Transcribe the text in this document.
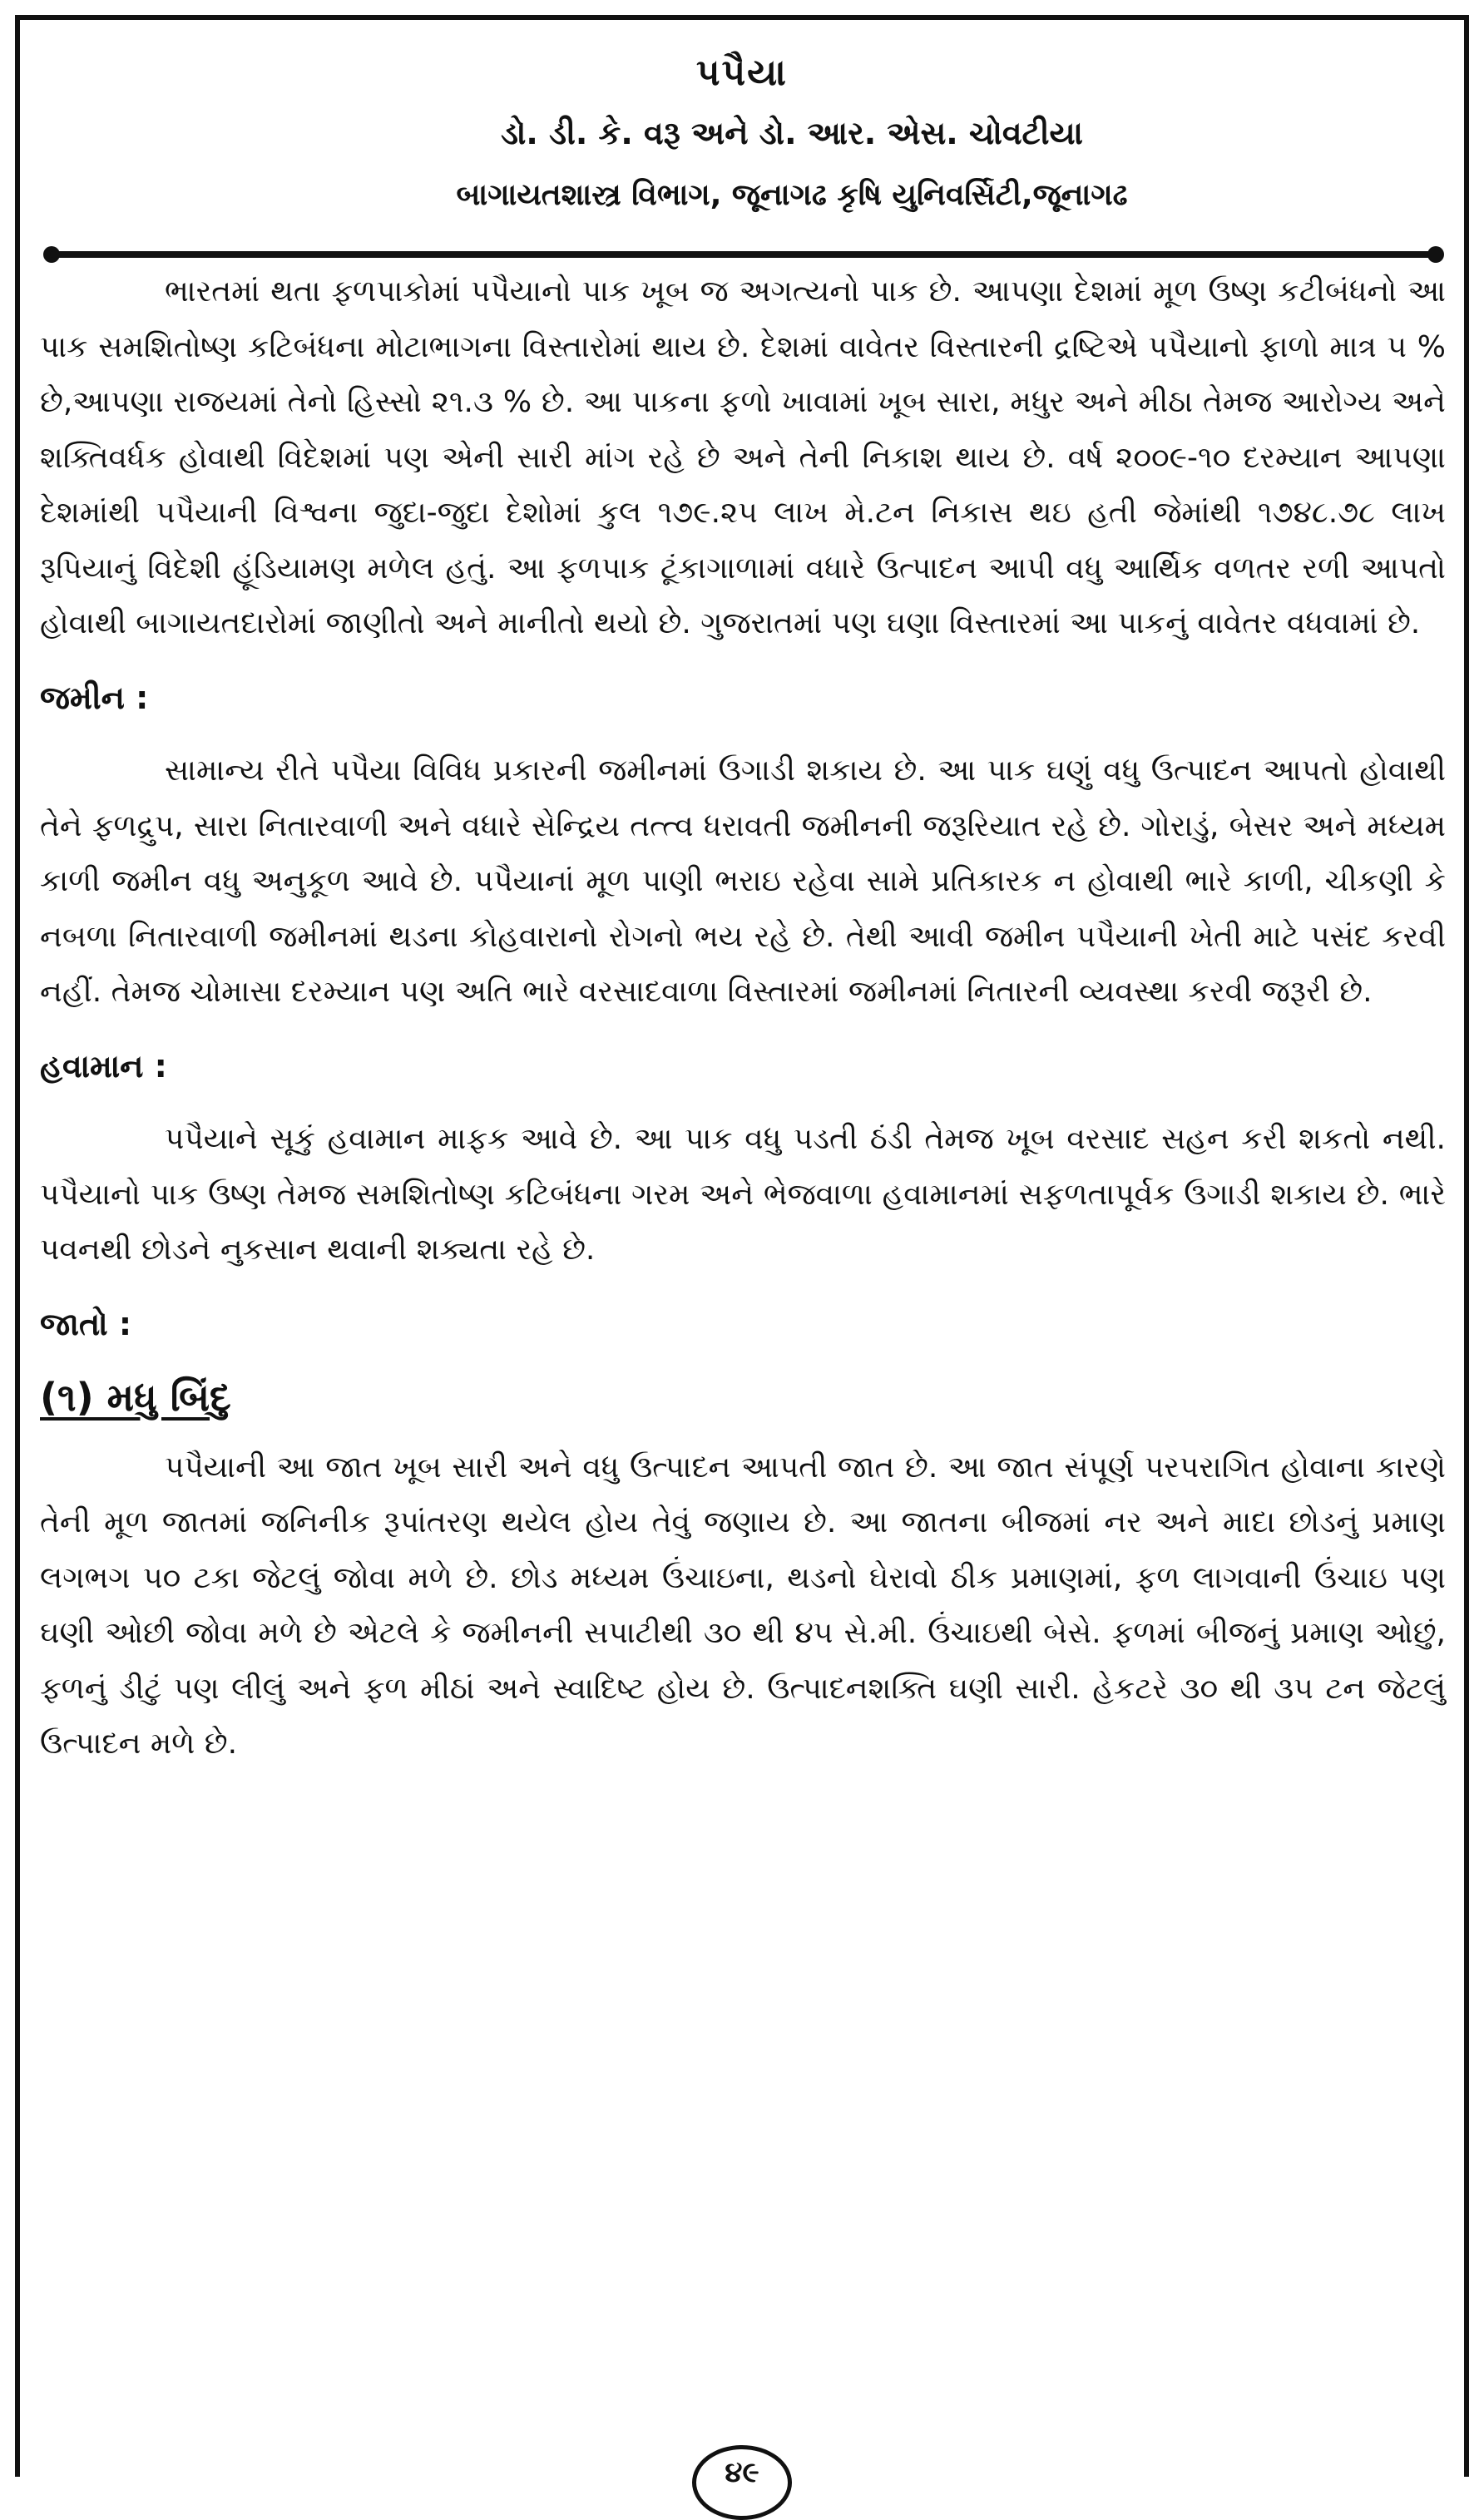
પપૈયા
ડો. ડી. કે. વરૂ અને ડો. આર. એસ. ચોવટીયા
બાગાયતશાસ્ત્ર વિભાગ, જૂનાગઢ કૃષિ યુનિવર્સિટી,જૂનાગઢ

ભારતમાં થતા ફળપાકોમાં પપૈયાનો પાક ખૂબ જ અગત્યનો પાક છે. આપણા દેશમાં મૂળ ઉષ્ણ કટીબંધનો આ પાક સમશિતોષ્ણ કટિબંધના મોટાભાગના વિસ્તારોમાં થાય છે. દેશમાં વાવેતર વિસ્તારની દ્રષ્ટિએ પપૈયાનો ફાળો માત્ર ૫ % છે,આપણા રાજયમાં તેનો હિસ્સો ૨૧.૩ % છે. આ પાકના ફળો ખાવામાં ખૂબ સારા, મધુર અને મીઠા તેમજ આરોગ્ય અને શક્તિવર્ધક હોવાથી વિદેશમાં પણ એની સારી માંગ રહે છે અને તેની નિકાશ થાય છે. વર્ષ ૨૦૦૯-૧૦ દરમ્યાન આપણા દેશમાંથી પપૈયાની વિશ્વના જુદા-જુદા દેશોમાં કુલ ૧૭૯.૨૫ લાખ મે.ટન નિકાસ થઇ હતી જેમાંથી ૧૭૪૮.૭૮ લાખ રૂપિયાનું વિદેશી હૂંડિયામણ મળેલ હતું. આ ફળપાક ટૂંકાગાળામાં વધારે ઉત્પાદન આપી વધુ આર્થિક વળતર રળી આપતો હોવાથી બાગાયતદારોમાં જાણીતો અને માનીતો થયો છે. ગુજરાતમાં પણ ઘણા વિસ્તારમાં આ પાકનું વાવેતર વધવામાં છે.

જમીન :

સામાન્ય રીતે પપૈયા વિવિધ પ્રકારની જમીનમાં ઉગાડી શકાય છે. આ પાક ઘણું વધુ ઉત્પાદન આપતો હોવાથી તેને ફળદ્રુપ, સારા નિતારવાળી અને વધારે સેન્દ્રિય તત્ત્વ ધરાવતી જમીનની જરૂરિયાત રહે છે. ગોરાડું, બેસર અને મધ્યમ કાળી જમીન વધુ અનુકૂળ આવે છે. પપૈયાનાં મૂળ પાણી ભરાઇ રહેવા સામે પ્રતિકારક ન હોવાથી ભારે કાળી, ચીકણી કે નબળા નિતારવાળી જમીનમાં થડના કોહવારાનો રોગનો ભય રહે છે. તેથી આવી જમીન પપૈયાની ખેતી માટે પસંદ કરવી નહીં. તેમજ ચોમાસા દરમ્યાન પણ અતિ ભારે વરસાદવાળા વિસ્તારમાં જમીનમાં નિતારની વ્યવસ્થા કરવી જરૂરી છે.

હવામાન :

પપૈયાને સૂકું હવામાન માફક આવે છે. આ પાક વધુ પડતી ઠંડી તેમજ ખૂબ વરસાદ સહન કરી શકતો નથી. પપૈયાનો પાક ઉષ્ણ તેમજ સમશિતોષ્ણ કટિબંધના ગરમ અને ભેજવાળા હવામાનમાં સફળતાપૂર્વક ઉગાડી શકાય છે. ભારે પવનથી છોડને નુકસાન થવાની શક્યતા રહે છે.

જાતો :
(૧) મધુ બિંદુ

પપૈયાની આ જાત ખૂબ સારી અને વધુ ઉત્પાદન આપતી જાત છે. આ જાત સંપૂર્ણ પરપરાગિત હોવાના કારણે તેની મૂળ જાતમાં જનિનીક રૂપાંતરણ થયેલ હોય તેવું જણાય છે. આ જાતના બીજમાં નર અને માદા છોડનું પ્રમાણ લગભગ ૫૦ ટકા જેટલું જોવા મળે છે. છોડ મધ્યમ ઉંચાઇના, થડનો ઘેરાવો ઠીક પ્રમાણમાં, ફળ લાગવાની ઉંચાઇ પણ ઘણી ઓછી જોવા મળે છે એટલે કે જમીનની સપાટીથી ૩૦ થી ૪૫ સે.મી. ઉંચાઇથી બેસે. ફળમાં બીજનું પ્રમાણ ઓછું, ફળનું ડીટું પણ લીલું અને ફળ મીઠાં અને સ્વાદિષ્ટ હોય છે. ઉત્પાદનશક્તિ ઘણી સારી. હેકટરે ૩૦ થી ૩૫ ટન જેટલું ઉત્પાદન મળે છે.

૪૯
